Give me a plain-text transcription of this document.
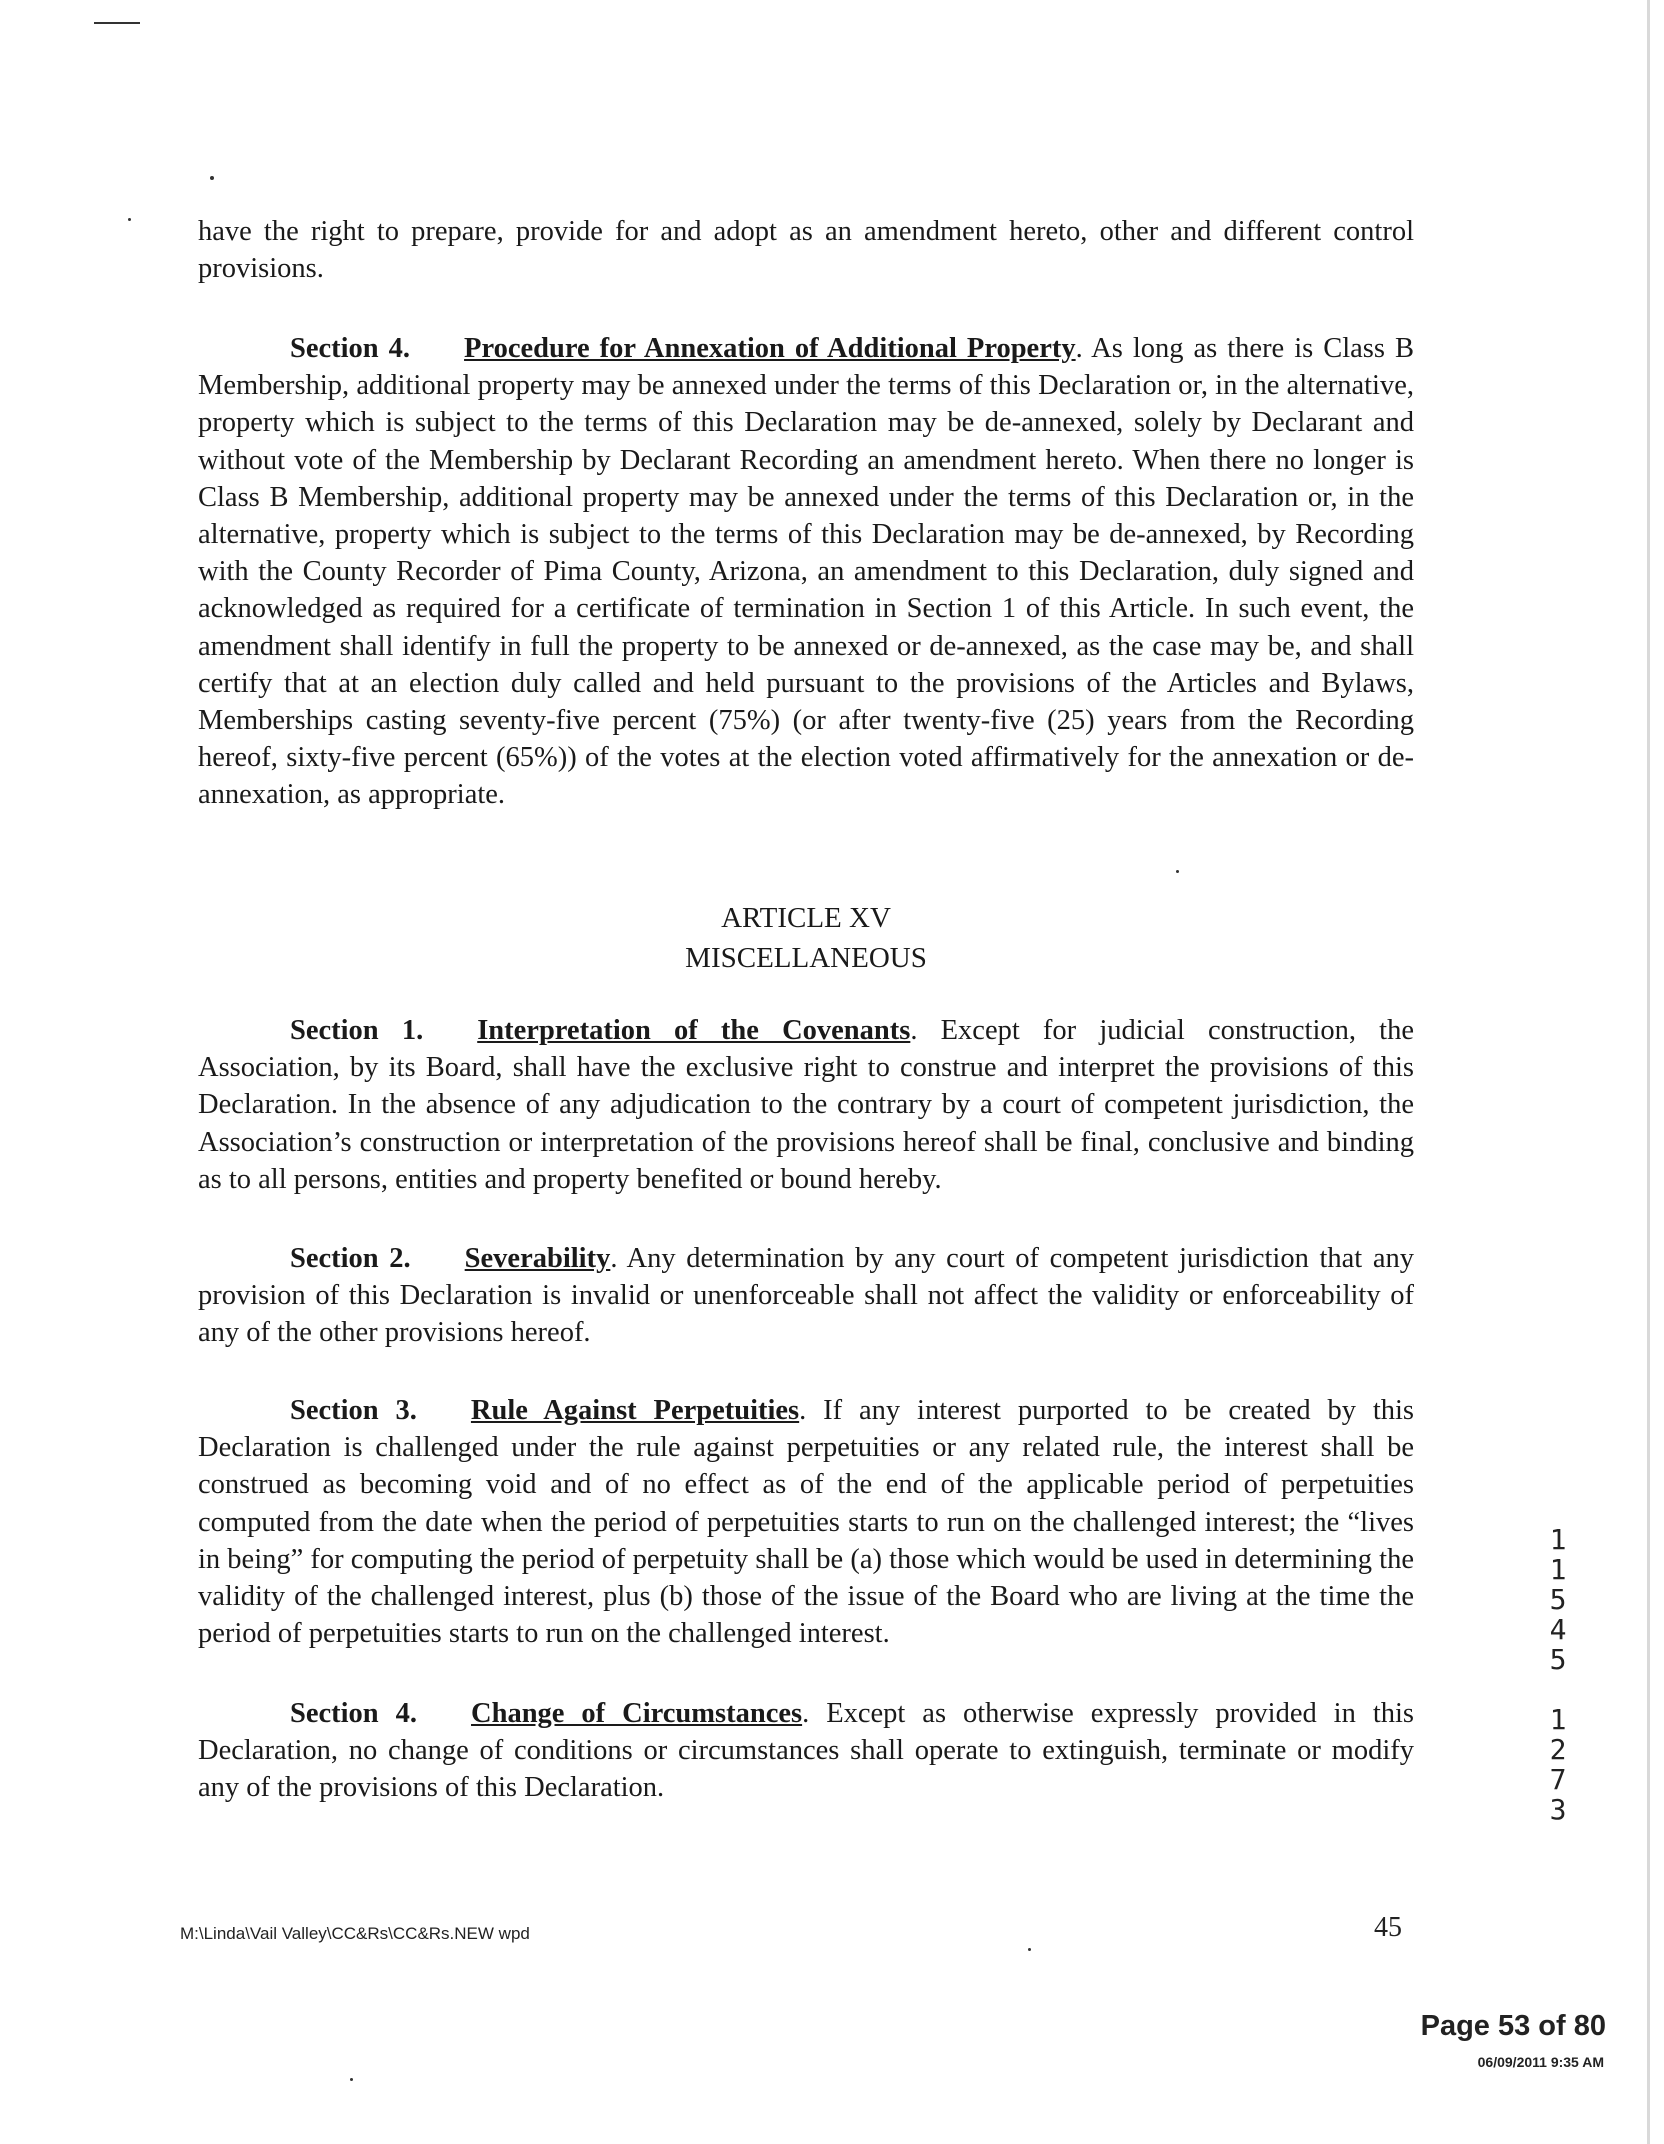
have the right to prepare, provide for and adopt as an amendment hereto, other and different control provisions.

Section 4. Procedure for Annexation of Additional Property. As long as there is Class B Membership, additional property may be annexed under the terms of this Declaration or, in the alternative, property which is subject to the terms of this Declaration may be de-annexed, solely by Declarant and without vote of the Membership by Declarant Recording an amendment hereto. When there no longer is Class B Membership, additional property may be annexed under the terms of this Declaration or, in the alternative, property which is subject to the terms of this Declaration may be de-annexed, by Recording with the County Recorder of Pima County, Arizona, an amendment to this Declaration, duly signed and acknowledged as required for a certificate of termination in Section 1 of this Article. In such event, the amendment shall identify in full the property to be annexed or de-annexed, as the case may be, and shall certify that at an election duly called and held pursuant to the provisions of the Articles and Bylaws, Memberships casting seventy-five percent (75%) (or after twenty-five (25) years from the Recording hereof, sixty-five percent (65%)) of the votes at the election voted affirmatively for the annexation or de-annexation, as appropriate.

ARTICLE XV
MISCELLANEOUS

Section 1. Interpretation of the Covenants. Except for judicial construction, the Association, by its Board, shall have the exclusive right to construe and interpret the provisions of this Declaration. In the absence of any adjudication to the contrary by a court of competent jurisdiction, the Association’s construction or interpretation of the provisions hereof shall be final, conclusive and binding as to all persons, entities and property benefited or bound hereby.

Section 2. Severability. Any determination by any court of competent jurisdiction that any provision of this Declaration is invalid or unenforceable shall not affect the validity or enforceability of any of the other provisions hereof.

Section 3. Rule Against Perpetuities. If any interest purported to be created by this Declaration is challenged under the rule against perpetuities or any related rule, the interest shall be construed as becoming void and of no effect as of the end of the applicable period of perpetuities computed from the date when the period of perpetuities starts to run on the challenged interest; the “lives in being” for computing the period of perpetuity shall be (a) those which would be used in determining the validity of the challenged interest, plus (b) those of the issue of the Board who are living at the time the period of perpetuities starts to run on the challenged interest.

Section 4. Change of Circumstances. Except as otherwise expressly provided in this Declaration, no change of conditions or circumstances shall operate to extinguish, terminate or modify any of the provisions of this Declaration.

1
1
5
4
5
1
2
7
3
M:\Linda\Vail Valley\CC&Rs\CC&Rs.NEW wpd	45
Page 53 of 80
06/09/2011 9:35 AM
